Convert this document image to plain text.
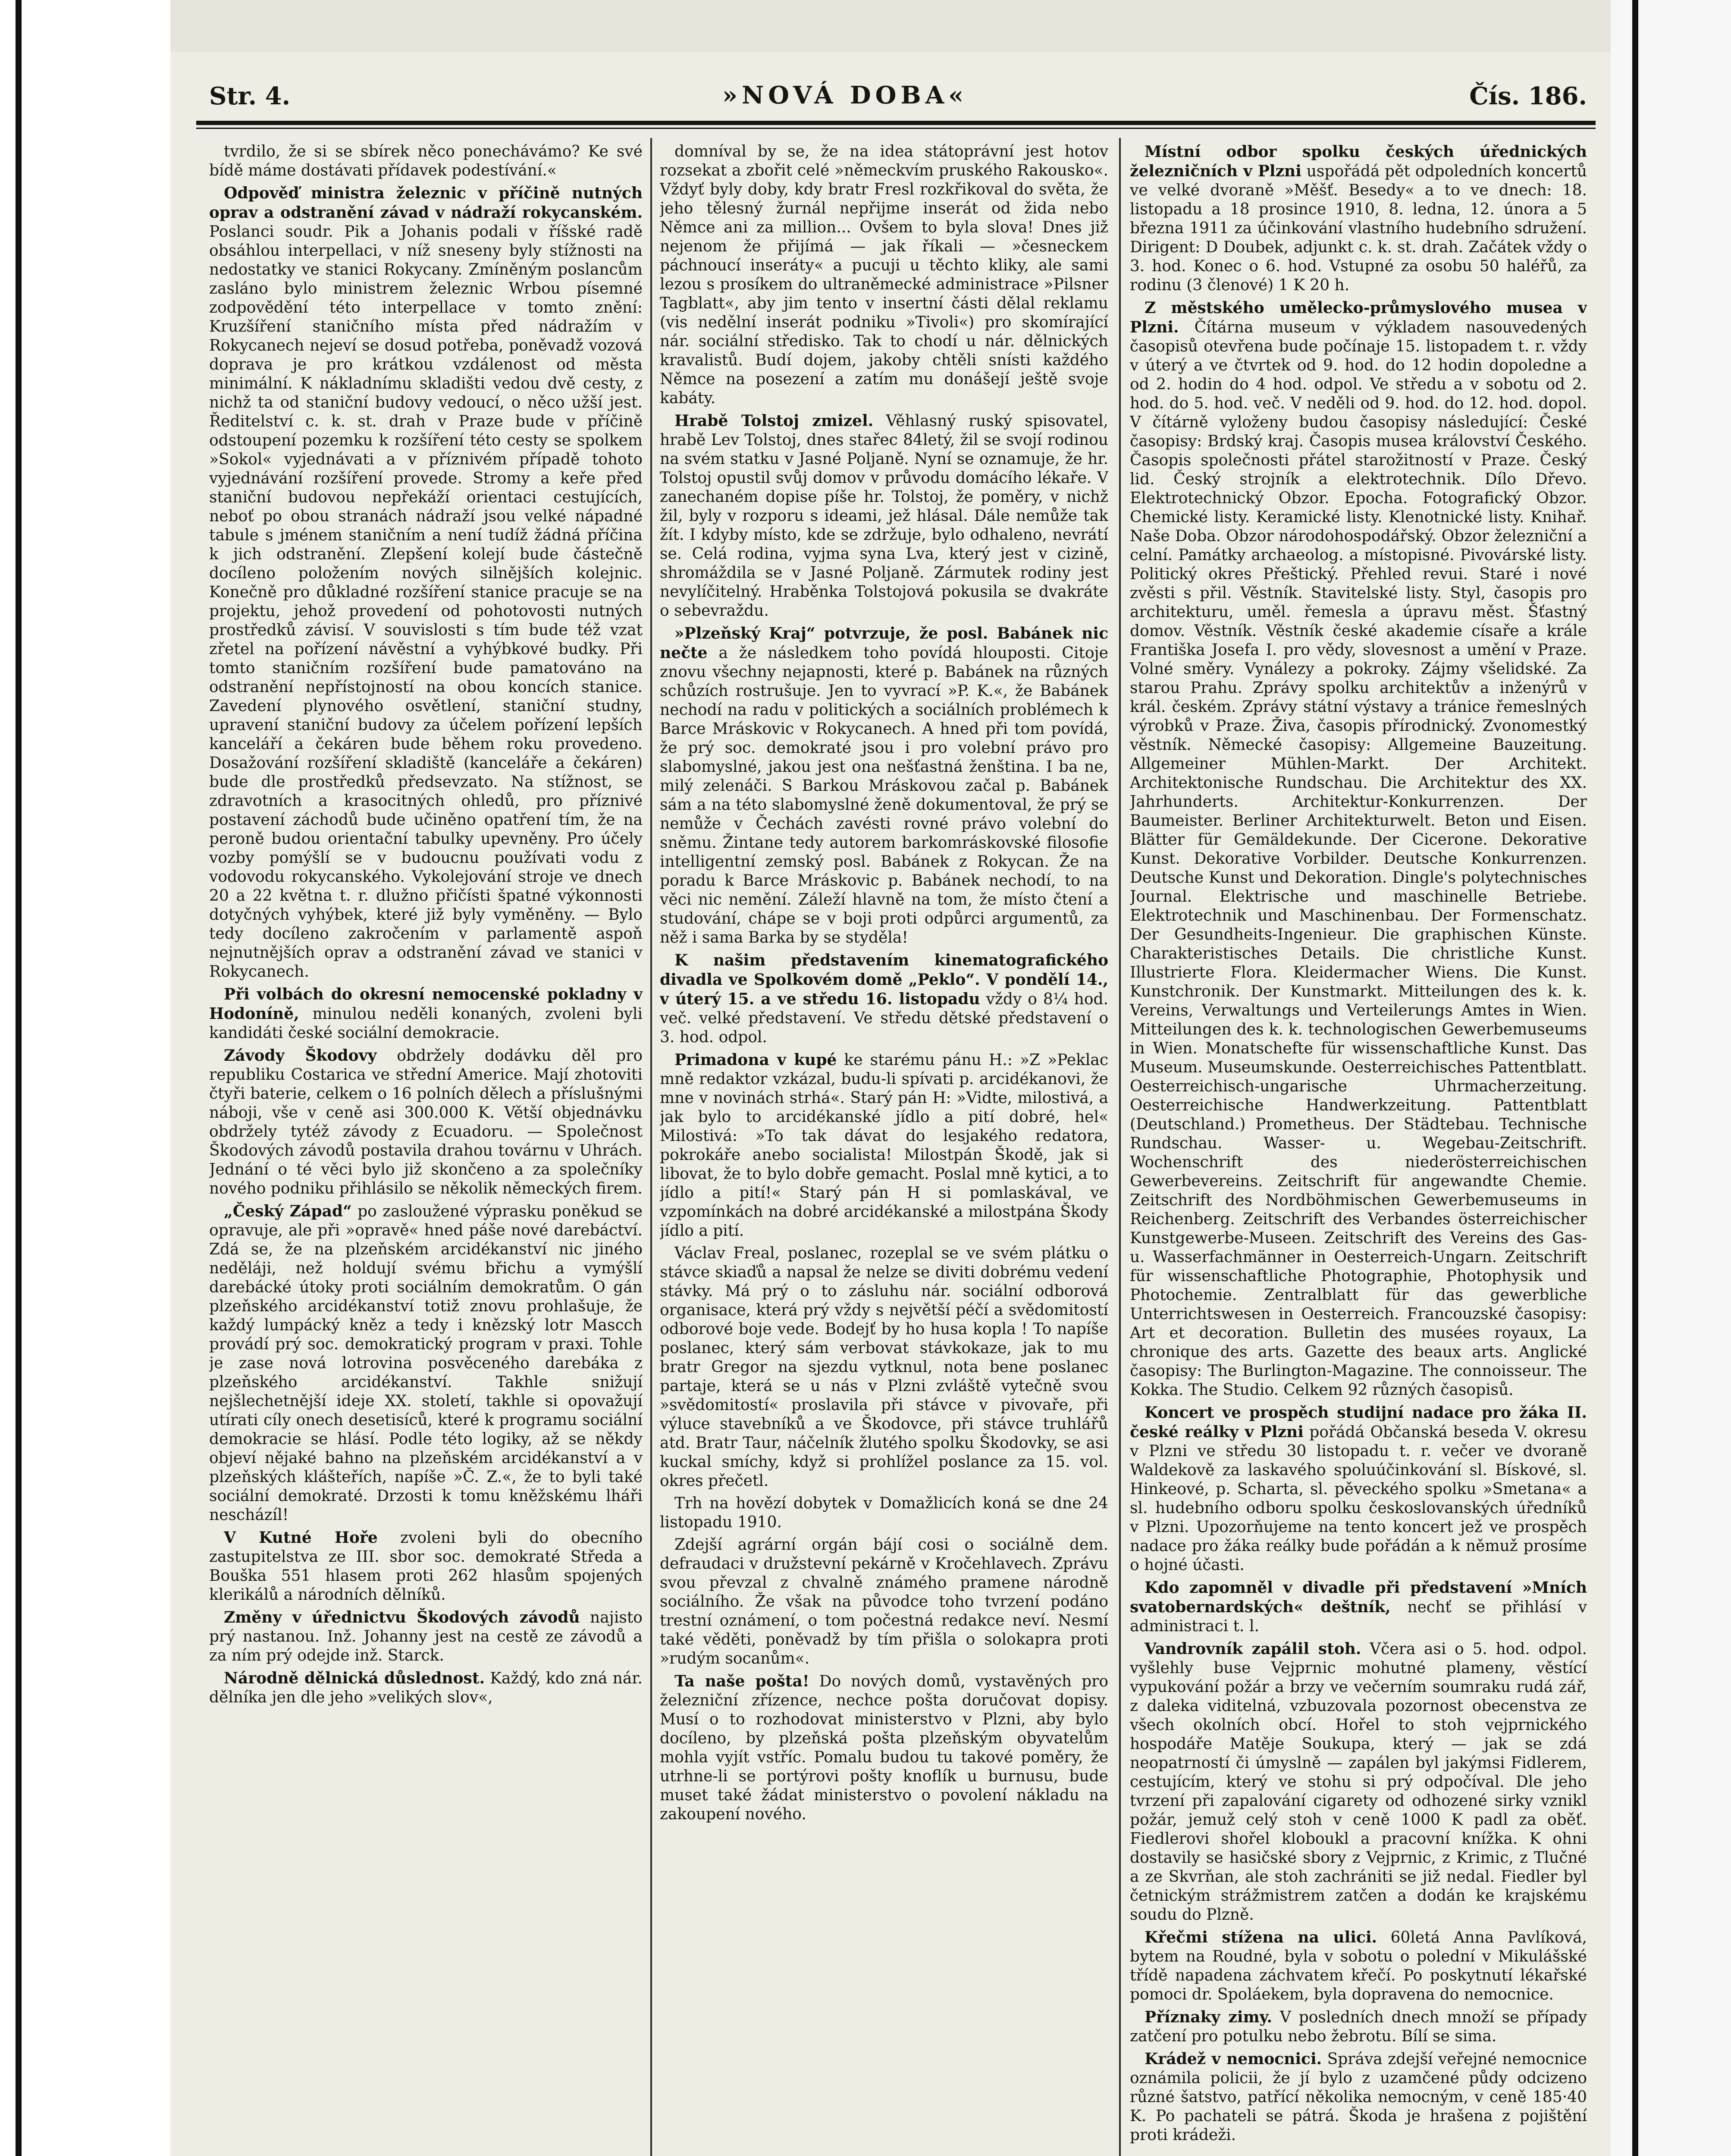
Str. 4.	»NOVÁ DOBA«	Čís. 186.

tvrdilo, že si se sbírek něco ponechávámo? Ke své bídě máme dostávati přídavek podestívání.«

Odpověď ministra železnic v příčině nutných oprav a odstranění závad v nádraží rokycanském. Poslanci soudr. Pik a Johanis podali v říšské radě obsáhlou interpellaci, v níž sneseny byly stížnosti na nedostatky ve stanici Rokycany. Zmíněným poslancům zasláno bylo ministrem železnic Wrbou písemné zodpovědění této interpellace v tomto znění: Kruzšíření staničního místa před nádražím v Rokycanech nejeví se dosud potřeba, poněvadž vozová doprava je pro krátkou vzdálenost od města minimální. K nákladnímu skladišti vedou dvě cesty, z nichž ta od staniční budovy vedoucí, o něco užší jest. Ředitelství c. k. st. drah v Praze bude v příčině odstoupení pozemku k rozšíření této cesty se spolkem »Sokol« vyjednávati a v příznivém případě tohoto vyjednávání rozšíření provede. Stromy a keře před staniční budovou nepřekáží orientaci cestujících, neboť po obou stranách nádraží jsou velké nápadné tabule s jménem staničním a není tudíž žádná příčina k jich odstranění. Zlepšení kolejí bude částečně docíleno položením nových silnějších kolejnic. Konečně pro důkladné rozšíření stanice pracuje se na projektu, jehož provedení od pohotovosti nutných prostředků závisí. V souvislosti s tím bude též vzat zřetel na pořízení návěstní a vyhýbkové budky. Při tomto staničním rozšíření bude pamatováno na odstranění nepřístojností na obou koncích stanice. Zavedení plynového osvětlení, staniční studny, upravení staniční budovy za účelem pořízení lepších kanceláří a čekáren bude během roku provedeno. Dosažování rozšíření skladiště (kanceláře a čekáren) bude dle prostředků předsevzato. Na stížnost, se zdravotních a krasocitných ohledů, pro příznivé postavení záchodů bude učiněno opatření tím, že na peroně budou orientační tabulky upevněny. Pro účely vozby pomýšlí se v budoucnu používati vodu z vodovodu rokycanského. Vykolejování stroje ve dnech 20 a 22 května t. r. dlužno přičísti špatné výkonnosti dotyčných vyhýbek, které již byly vyměněny. — Bylo tedy docíleno zakročením v parlamentě aspoň nejnutnějších oprav a odstranění závad ve stanici v Rokycanech.

Při volbách do okresní nemocenské pokladny v Hodoníně, minulou neděli konaných, zvoleni byli kandidáti české sociální demokracie.

Závody Škodovy obdržely dodávku děl pro republiku Costarica ve střední Americe. Mají zhotoviti čtyři baterie, celkem o 16 polních dělech a příslušnými náboji, vše v ceně asi 300.000 K. Větší objednávku obdržely tytéž závody z Ecuadoru. — Společnost Škodových závodů postavila drahou továrnu v Uhrách. Jednání o té věci bylo již skončeno a za společníky nového podniku přihlásilo se několik německých firem.

„Český Západ“ po zasloužené výprasku poněkud se opravuje, ale při »opravě« hned páše nové darebáctví. Zdá se, že na plzeňském arcidékanství nic jiného neděláji, než holdují svému břichu a vymýšlí darebácké útoky proti sociálním demokratům. O gán plzeňského arcidékanství totiž znovu prohlašuje, že každý lumpácký kněz a tedy i knězský lotr Mascch provádí prý soc. demokratický program v praxi. Tohle je zase nová lotrovina posvěceného darebáka z plzeňského arcidékanství. Takhle snižují nejšlechetnější ideje XX. století, takhle si opovažují utírati cíly onech desetisíců, které k programu sociální demokracie se hlásí. Podle této logiky, až se někdy objeví nějaké bahno na plzeňském arcidékanství a v plzeňských klášteřích, napíše »Č. Z.«, že to byli také sociální demokraté. Drzosti k tomu kněžskému lháři nescházíl!

V Kutné Hoře zvoleni byli do obecního zastupitelstva ze III. sbor soc. demokraté Středa a Bouška 551 hlasem proti 262 hlasům spojených klerikálů a národních dělníků.

Změny v úřednictvu Škodových závodů najisto prý nastanou. Inž. Johanny jest na cestě ze závodů a za ním prý odejde inž. Starck.

Národně dělnická důslednost. Každý, kdo zná nár. dělníka jen dle jeho »velikých slov«,

domníval by se, že na idea státoprávní jest hotov rozsekat a zbořit celé »německvím pruského Rakousko«. Vždyť byly doby, kdy bratr Fresl rozkřikoval do světa, že jeho tělesný žurnál nepřijme inserát od žida nebo Němce ani za million... Ovšem to byla slova! Dnes již nejenom že přijímá — jak říkali — »česneckem páchnoucí inseráty« a pucuji u těchto kliky, ale sami lezou s prosíkem do ultraněmecké administrace »Pilsner Tagblatt«, aby jim tento v insertní části dělal reklamu (vis nedělní inserát podniku »Tivoli«) pro skomírající nár. sociální středisko. Tak to chodí u nár. dělnických kravalistů. Budí dojem, jakoby chtěli snísti každého Němce na posezení a zatím mu donášejí ještě svoje kabáty.

Hrabě Tolstoj zmizel. Věhlasný ruský spisovatel, hrabě Lev Tolstoj, dnes stařec 84letý, žil se svojí rodinou na svém statku v Jasné Poljaně. Nyní se oznamuje, že hr. Tolstoj opustil svůj domov v průvodu domácího lékaře. V zanechaném dopise píše hr. Tolstoj, že poměry, v nichž žil, byly v rozporu s ideami, jež hlásal. Dále nemůže tak žít. I kdyby místo, kde se zdržuje, bylo odhaleno, nevrátí se. Celá rodina, vyjma syna Lva, který jest v cizině, shromáždila se v Jasné Poljaně. Zármutek rodiny jest nevylíčitelný. Hraběnka Tolstojová pokusila se dvakráte o sebevraždu.

»Plzeňský Kraj“ potvrzuje, že posl. Babánek nic nečte a že následkem toho povídá hlouposti. Citoje znovu všechny nejapnosti, které p. Babánek na různých schůzích rostrušuje. Jen to vyvrací »P. K.«, že Babánek nechodí na radu v politických a sociálních problémech k Barce Mráskovic v Rokycanech. A hned při tom povídá, že prý soc. demokraté jsou i pro volební právo pro slabomyslné, jakou jest ona nešťastná ženština. I ba ne, milý zelenáči. S Barkou Mráskovou začal p. Babánek sám a na této slabomyslné ženě dokumentoval, že prý se nemůže v Čechách zavésti rovné právo volební do sněmu. Žintane tedy autorem barkomráskovské filosofie intelligentní zemský posl. Babánek z Rokycan. Že na poradu k Barce Mráskovic p. Babánek nechodí, to na věci nic nemění. Záleží hlavně na tom, že místo čtení a studování, chápe se v boji proti odpůrci argumentů, za něž i sama Barka by se styděla!

K našim představením kinematografického divadla ve Spolkovém domě „Peklo“. V pondělí 14., v úterý 15. a ve středu 16. listopadu vždy o 8¼ hod. več. velké představení. Ve středu dětské představení o 3. hod. odpol.

Primadona v kupé ke starému pánu H.: »Z »Peklac mně redaktor vzkázal, budu-li spívati p. arcidékanovi, že mne v novinách strhá«. Starý pán H: »Vidte, milostivá, a jak bylo to arcidékanské jídlo a pití dobré, hel« Milostivá: »To tak dávat do lesjakého redatora, pokrokáře anebo socialista! Milostpán Škodě, jak si libovat, že to bylo dobře gemacht. Poslal mně kytici, a to jídlo a pití!« Starý pán H si pomlaskával, ve vzpomínkách na dobré arcidékanské a milostpána Škody jídlo a pití.

Václav Freal, poslanec, rozeplal se ve svém plátku o stávce skiaďů a napsal že nelze se diviti dobrému vedení stávky. Má prý o to zásluhu nár. sociální odborová organisace, která prý vždy s největší péčí a svědomitostí odborové boje vede. Bodejť by ho husa kopla ! To napíše poslanec, který sám verbovat stávkokaze, jak to mu bratr Gregor na sjezdu vytknul, nota bene poslanec partaje, která se u nás v Plzni zvláště vytečně svou »svědomitostí« proslavila při stávce v pivovaře, při výluce stavebníků a ve Škodovce, při stávce truhlářů atd. Bratr Taur, náčelník žlutého spolku Škodovky, se asi kuckal smíchy, když si prohlížel poslance za 15. vol. okres přečetl.

Trh na hovězí dobytek v Domažlicích koná se dne 24 listopadu 1910.

Zdejší agrární orgán bájí cosi o sociálně dem. defraudaci v družstevní pekárně v Kročehlavech. Zprávu svou převzal z chvalně známého pramene národně sociálního. Že však na původce toho tvrzení podáno trestní oznámení, o tom počestná redakce neví. Nesmí také věděti, poněvadž by tím přišla o solokapra proti »rudým socanům«.

Ta naše pošta! Do nových domů, vystavěných pro železniční zřízence, nechce pošta doručovat dopisy. Musí o to rozhodovat ministerstvo v Plzni, aby bylo docíleno, by plzeňská pošta plzeňským obyvatelům mohla vyjít vstříc. Pomalu budou tu takové poměry, že utrhne-li se portýrovi pošty knoflík u burnusu, bude muset také žádat ministerstvo o povolení nákladu na zakoupení nového.

Místní odbor spolku českých úřednických železničních v Plzni uspořádá pět odpoledních koncertů ve velké dvoraně »Měšť. Besedy« a to ve dnech: 18. listopadu a 18 prosince 1910, 8. ledna, 12. února a 5 března 1911 za účinkování vlastního hudebního sdružení. Dirigent: D Doubek, adjunkt c. k. st. drah. Začátek vždy o 3. hod. Konec o 6. hod. Vstupné za osobu 50 haléřů, za rodinu (3 členové) 1 K 20 h.

Z městského umělecko-průmyslového musea v Plzni. Čítárna museum v výkladem nasouvedených časopisů otevřena bude počínaje 15. listopadem t. r. vždy v úterý a ve čtvrtek od 9. hod. do 12 hodin dopoledne a od 2. hodin do 4 hod. odpol. Ve středu a v sobotu od 2. hod. do 5. hod. več. V neděli od 9. hod. do 12. hod. dopol. V čítárně vyloženy budou časopisy následující: České časopisy: Brdský kraj. Časopis musea království Českého. Časopis společnosti přátel starožitností v Praze. Český lid. Český strojník a elektrotechnik. Dílo Dřevo. Elektrotechnický Obzor. Epocha. Fotografický Obzor. Chemické listy. Keramické listy. Klenotnické listy. Knihař. Naše Doba. Obzor národohospodářský. Obzor železniční a celní. Památky archaeolog. a místopisné. Pivovárské listy. Politický okres Přeštický. Přehled revui. Staré i nové zvěsti s přil. Věstník. Stavitelské listy. Styl, časopis pro architekturu, uměl. řemesla a úpravu měst. Šťastný domov. Věstník. Věstník české akademie císaře a krále Františka Josefa I. pro vědy, slovesnost a umění v Praze. Volné směry. Vynálezy a pokroky. Zájmy všelidské. Za starou Prahu. Zprávy spolku architektův a inženýrů v král. českém. Zprávy státní výstavy a tránice řemeslných výrobků v Praze. Živa, časopis přírodnický. Zvonomestký věstník. Německé časopisy: Allgemeine Bauzeitung. Allgemeiner Mühlen-Markt. Der Architekt. Architektonische Rundschau. Die Architektur des XX. Jahrhunderts. Architektur-Konkurrenzen. Der Baumeister. Berliner Architekturwelt. Beton und Eisen. Blätter für Gemäldekunde. Der Cicerone. Dekorative Kunst. Dekorative Vorbilder. Deutsche Konkurrenzen. Deutsche Kunst und Dekoration. Dingle's polytechnisches Journal. Elektrische und maschinelle Betriebe. Elektrotechnik und Maschinenbau. Der Formenschatz. Der Gesundheits-Ingenieur. Die graphischen Künste. Charakteristisches Details. Die christliche Kunst. Illustrierte Flora. Kleidermacher Wiens. Die Kunst. Kunstchronik. Der Kunstmarkt. Mitteilungen des k. k. Vereins, Verwaltungs und Verteilerungs Amtes in Wien. Mitteilungen des k. k. technologischen Gewerbemuseums in Wien. Monatschefte für wissenschaftliche Kunst. Das Museum. Museumskunde. Oesterreichisches Pattentblatt. Oesterreichisch-ungarische Uhrmacherzeitung. Oesterreichische Handwerkzeitung. Pattentblatt (Deutschland.) Prometheus. Der Städtebau. Technische Rundschau. Wasser- u. Wegebau-Zeitschrift. Wochenschrift des niederösterreichischen Gewerbevereins. Zeitschrift für angewandte Chemie. Zeitschrift des Nordböhmischen Gewerbemuseums in Reichenberg. Zeitschrift des Verbandes österreichischer Kunstgewerbe-Museen. Zeitschrift des Vereins des Gas- u. Wasserfachmänner in Oesterreich-Ungarn. Zeitschrift für wissenschaftliche Photographie, Photophysik und Photochemie. Zentralblatt für das gewerbliche Unterrichtswesen in Oesterreich. Francouzské časopisy: Art et decoration. Bulletin des musées royaux, La chronique des arts. Gazette des beaux arts. Anglické časopisy: The Burlington-Magazine. The connoisseur. The Kokka. The Studio. Celkem 92 různých časopisů.

Koncert ve prospěch studijní nadace pro žáka II. české reálky v Plzni pořádá Občanská beseda V. okresu v Plzni ve středu 30 listopadu t. r. večer ve dvoraně Waldekově za laskavého spoluúčinkování sl. Bískové, sl. Hinkeové, p. Scharta, sl. pěveckého spolku »Smetana« a sl. hudebního odboru spolku českoslovanských úředníků v Plzni. Upozorňujeme na tento koncert jež ve prospěch nadace pro žáka reálky bude pořádán a k němuž prosíme o hojné účasti.

Kdo zapomněl v divadle při představení »Mních svatobernardských« deštník, nechť se přihlásí v administraci t. l.

Vandrovník zapálil stoh. Včera asi o 5. hod. odpol. vyšlehly buse Vejprnic mohutné plameny, věstící vypukování požár a brzy ve večerním soumraku rudá zář, z daleka viditelná, vzbuzovala pozornost obecenstva ze všech okolních obcí. Hořel to stoh vejprnického hospodáře Matěje Soukupa, který — jak se zdá neopatrností či úmyslně — zapálen byl jakýmsi Fidlerem, cestujícím, který ve stohu si prý odpočíval. Dle jeho tvrzení při zapalování cigarety od odhozené sirky vznikl požár, jemuž celý stoh v ceně 1000 K padl za oběť. Fiedlerovi shořel kloboukl a pracovní knížka. K ohni dostavily se hasičské sbory z Vejprnic, z Krimic, z Tlučné a ze Skvrňan, ale stoh zachrániti se již nedal. Fiedler byl četnickým strážmistrem zatčen a dodán ke krajskému soudu do Plzně.

Křečmi stížena na ulici. 60letá Anna Pavlíková, bytem na Roudné, byla v sobotu o polední v Mikulášské třídě napadena záchvatem křečí. Po poskytnutí lékařské pomoci dr. Spoláekem, byla dopravena do nemocnice.

Příznaky zimy. V posledních dnech množí se případy zatčení pro potulku nebo žebrotu. Bílí se sima.

Krádež v nemocnici. Správa zdejší veřejné nemocnice oznámila policii, že jí bylo z uzamčené půdy odcizeno různé šatstvo, patřící několika nemocným, v ceně 185·40 K. Po pachateli se pátrá. Škoda je hrašena z pojištění proti krádeži.
